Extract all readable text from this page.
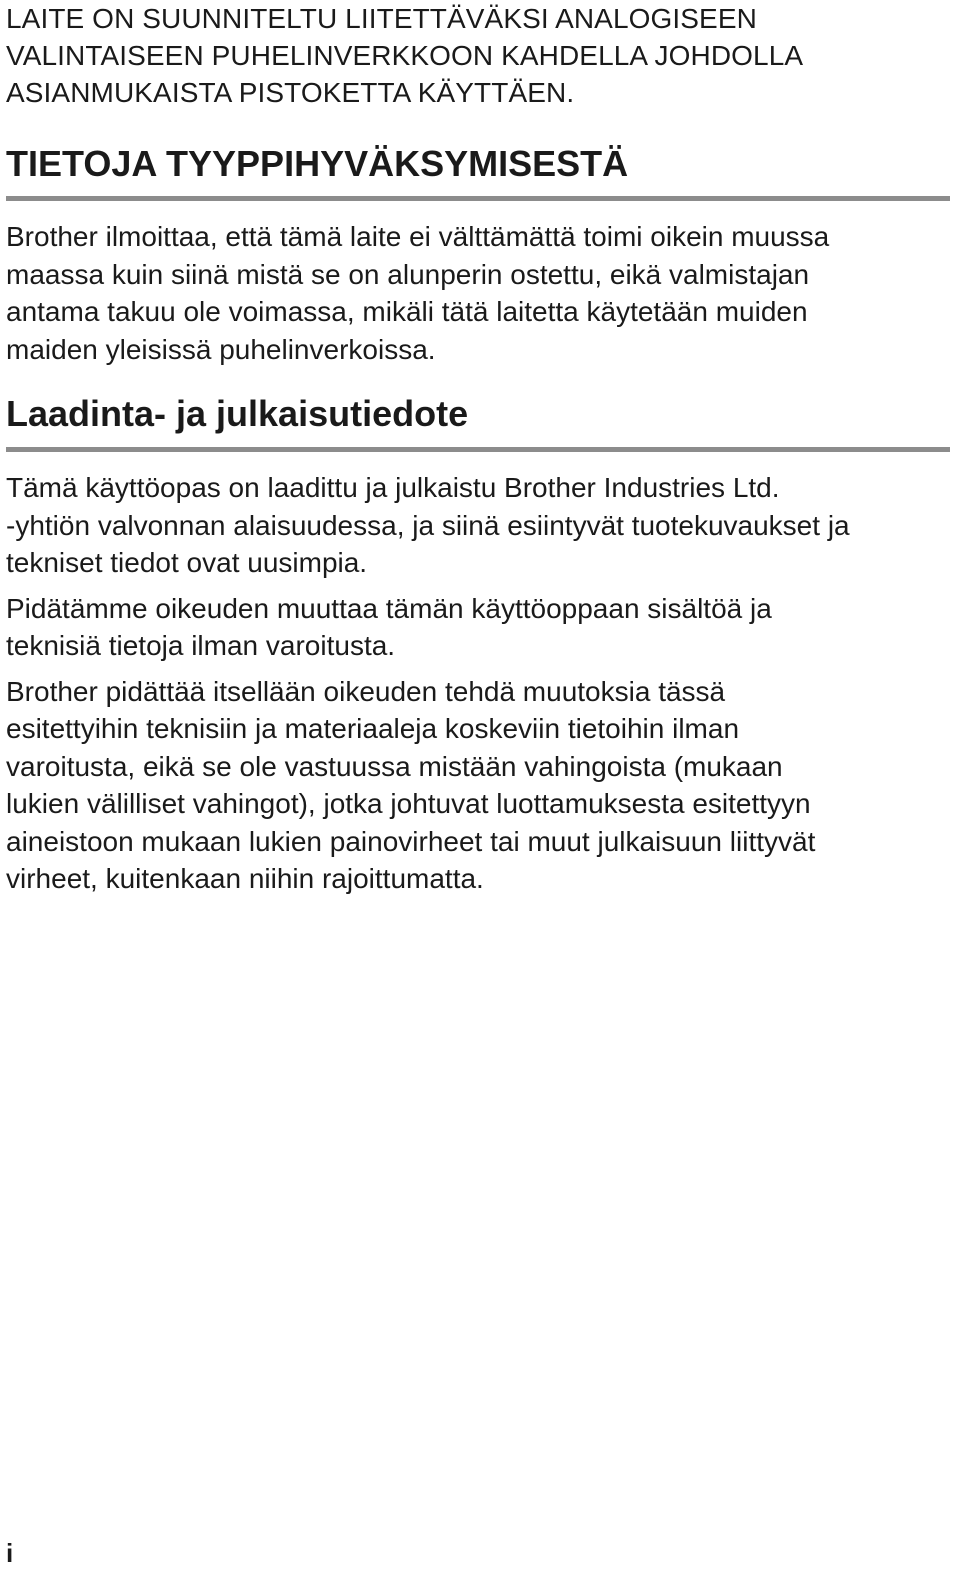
LAITE ON SUUNNITELTU LIITETTÄVÄKSI ANALOGISEEN
VALINTAISEEN PUHELINVERKKOON KAHDELLA JOHDOLLA
ASIANMUKAISTA PISTOKETTA KÄYTTÄEN.

TIETOJA TYYPPIHYVÄKSYMISESTÄ

Brother ilmoittaa, että tämä laite ei välttämättä toimi oikein muussa
maassa kuin siinä mistä se on alunperin ostettu, eikä valmistajan
antama takuu ole voimassa, mikäli tätä laitetta käytetään muiden
maiden yleisissä puhelinverkoissa.

Laadinta- ja julkaisutiedote

Tämä käyttöopas on laadittu ja julkaistu Brother Industries Ltd.
-yhtiön valvonnan alaisuudessa, ja siinä esiintyvät tuotekuvaukset ja
tekniset tiedot ovat uusimpia.

Pidätämme oikeuden muuttaa tämän käyttöoppaan sisältöä ja
teknisiä tietoja ilman varoitusta.

Brother pidättää itsellään oikeuden tehdä muutoksia tässä
esitettyihin teknisiin ja materiaaleja koskeviin tietoihin ilman
varoitusta, eikä se ole vastuussa mistään vahingoista (mukaan
lukien välilliset vahingot), jotka johtuvat luottamuksesta esitettyyn
aineistoon mukaan lukien painovirheet tai muut julkaisuun liittyvät
virheet, kuitenkaan niihin rajoittumatta.

i
